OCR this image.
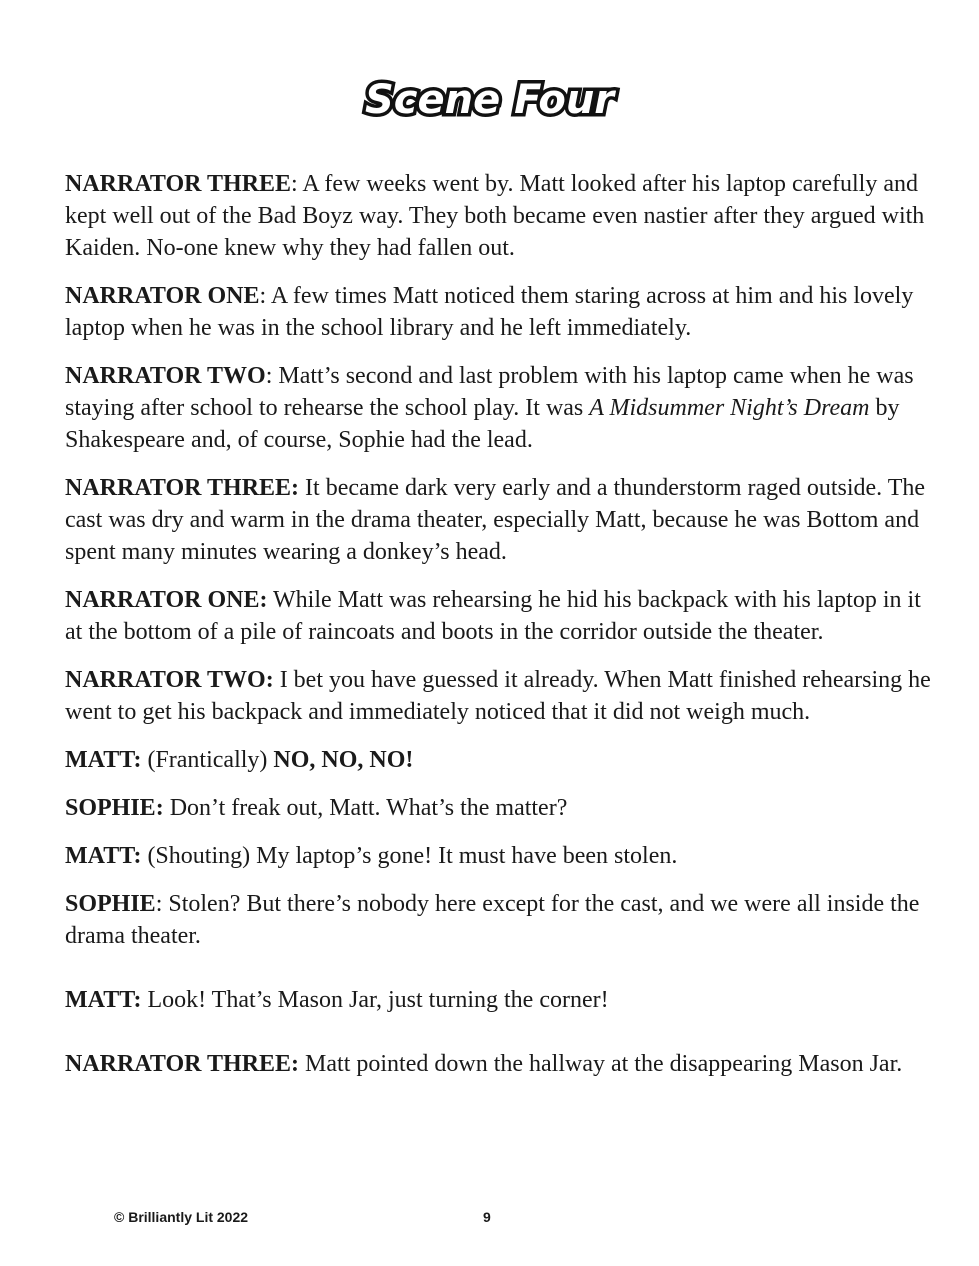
Scene Four

NARRATOR THREE: A few weeks went by. Matt looked after his laptop carefully and kept well out of the Bad Boyz way. They both became even nastier after they argued with Kaiden. No-one knew why they had fallen out.

NARRATOR ONE: A few times Matt noticed them staring across at him and his lovely laptop when he was in the school library and he left immediately.

NARRATOR TWO: Matt’s second and last problem with his laptop came when he was staying after school to rehearse the school play. It was A Midsummer Night’s Dream by Shakespeare and, of course, Sophie had the lead.

NARRATOR THREE: It became dark very early and a thunderstorm raged outside. The cast was dry and warm in the drama theater, especially Matt, because he was Bottom and spent many minutes wearing a donkey’s head.

NARRATOR ONE: While Matt was rehearsing he hid his backpack with his laptop in it at the bottom of a pile of raincoats and boots in the corridor outside the theater.

NARRATOR TWO: I bet you have guessed it already. When Matt finished rehearsing he went to get his backpack and immediately noticed that it did not weigh much.

MATT: (Frantically) NO, NO, NO!

SOPHIE: Don’t freak out, Matt. What’s the matter?

MATT: (Shouting) My laptop’s gone! It must have been stolen.

SOPHIE: Stolen? But there’s nobody here except for the cast, and we were all inside the drama theater.

MATT: Look! That’s Mason Jar, just turning the corner!

NARRATOR THREE: Matt pointed down the hallway at the disappearing Mason Jar.

© Brilliantly Lit 2022	9
